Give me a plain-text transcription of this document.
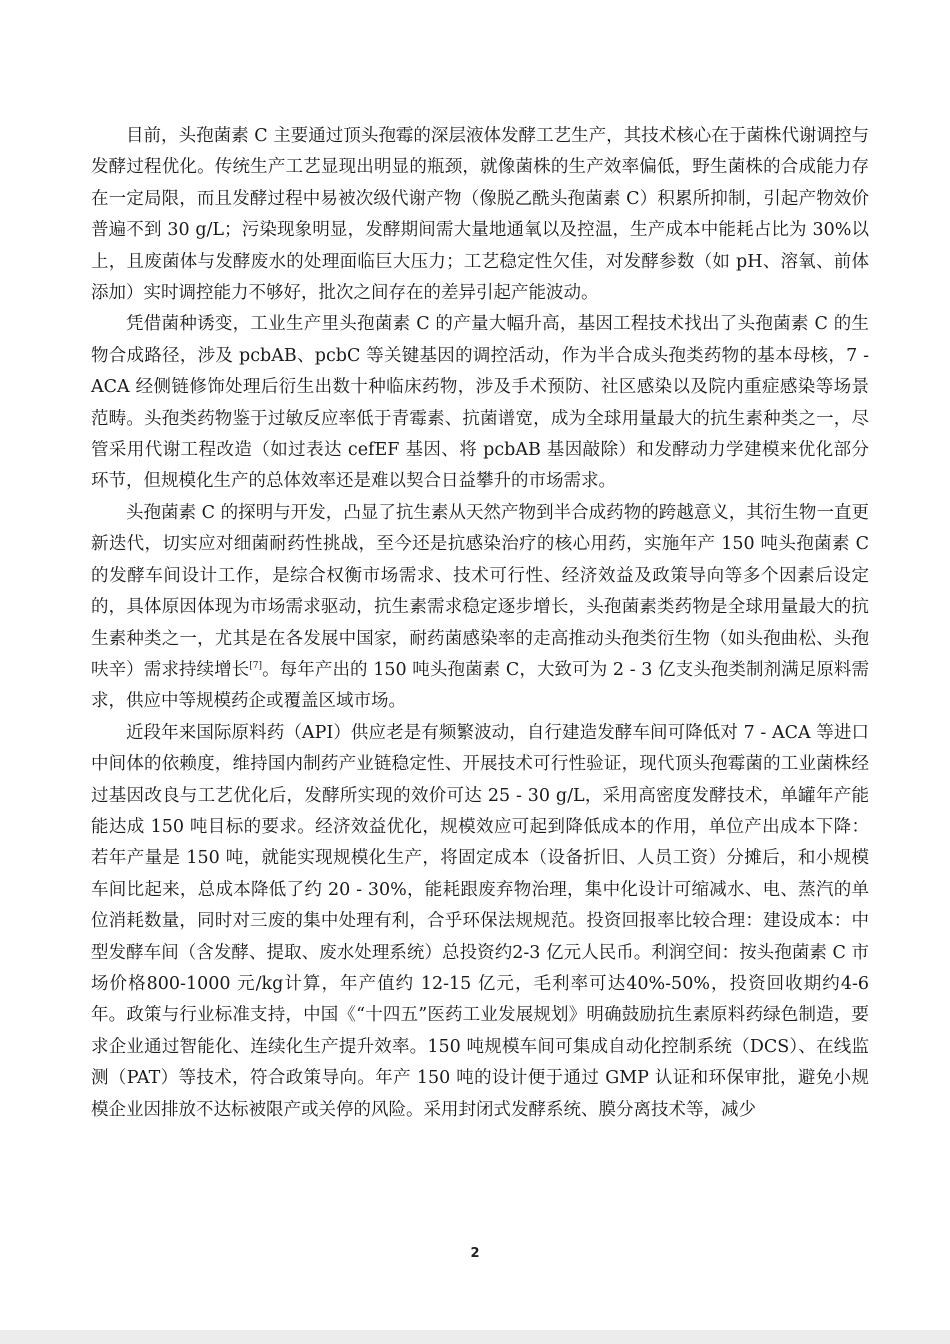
目前，头孢菌素 C 主要通过顶头孢霉的深层液体发酵工艺生产，其技术核心在于菌株代谢调控与发酵过程优化。传统生产工艺显现出明显的瓶颈，就像菌株的生产效率偏低，野生菌株的合成能力存在一定局限，而且发酵过程中易被次级代谢产物（像脱乙酰头孢菌素 C）积累所抑制，引起产物效价普遍不到 30 g/L；污染现象明显，发酵期间需大量地通氧以及控温，生产成本中能耗占比为 30%以上，且废菌体与发酵废水的处理面临巨大压力；工艺稳定性欠佳，对发酵参数（如 pH、溶氧、前体添加）实时调控能力不够好，批次之间存在的差异引起产能波动。

凭借菌种诱变，工业生产里头孢菌素 C 的产量大幅升高，基因工程技术找出了头孢菌素 C 的生物合成路径，涉及 pcbAB、pcbC 等关键基因的调控活动，作为半合成头孢类药物的基本母核，7 - ACA 经侧链修饰处理后衍生出数十种临床药物，涉及手术预防、社区感染以及院内重症感染等场景范畴。头孢类药物鉴于过敏反应率低于青霉素、抗菌谱宽，成为全球用量最大的抗生素种类之一，尽管采用代谢工程改造（如过表达 cefEF 基因、将 pcbAB 基因敲除）和发酵动力学建模来优化部分环节，但规模化生产的总体效率还是难以契合日益攀升的市场需求。

头孢菌素 C 的探明与开发，凸显了抗生素从天然产物到半合成药物的跨越意义，其衍生物一直更新迭代，切实应对细菌耐药性挑战，至今还是抗感染治疗的核心用药，实施年产 150 吨头孢菌素 C 的发酵车间设计工作，是综合权衡市场需求、技术可行性、经济效益及政策导向等多个因素后设定的，具体原因体现为市场需求驱动，抗生素需求稳定逐步增长，头孢菌素类药物是全球用量最大的抗生素种类之一，尤其是在各发展中国家，耐药菌感染率的走高推动头孢类衍生物（如头孢曲松、头孢呋辛）需求持续增长[7]。每年产出的 150 吨头孢菌素 C，大致可为 2 - 3 亿支头孢类制剂满足原料需求，供应中等规模药企或覆盖区域市场。

近段年来国际原料药（API）供应老是有频繁波动，自行建造发酵车间可降低对 7 - ACA 等进口中间体的依赖度，维持国内制药产业链稳定性、开展技术可行性验证，现代顶头孢霉菌的工业菌株经过基因改良与工艺优化后，发酵所实现的效价可达 25 - 30 g/L，采用高密度发酵技术，单罐年产能能达成 150 吨目标的要求。经济效益优化，规模效应可起到降低成本的作用，单位产出成本下降：若年产量是 150 吨，就能实现规模化生产，将固定成本（设备折旧、人员工资）分摊后，和小规模车间比起来，总成本降低了约 20 - 30%，能耗跟废弃物治理，集中化设计可缩减水、电、蒸汽的单位消耗数量，同时对三废的集中处理有利，合乎环保法规规范。投资回报率比较合理：建设成本：中型发酵车间（含发酵、提取、废水处理系统）总投资约2-3 亿元人民币。利润空间：按头孢菌素 C 市场价格800-1000 元/kg计算，年产值约 12-15 亿元，毛利率可达40%-50%，投资回收期约4-6 年。政策与行业标准支持，中国《“十四五”医药工业发展规划》明确鼓励抗生素原料药绿色制造，要求企业通过智能化、连续化生产提升效率。150 吨规模车间可集成自动化控制系统（DCS）、在线监测（PAT）等技术，符合政策导向。年产 150 吨的设计便于通过 GMP 认证和环保审批，避免小规模企业因排放不达标被限产或关停的风险。采用封闭式发酵系统、膜分离技术等，减少

2
